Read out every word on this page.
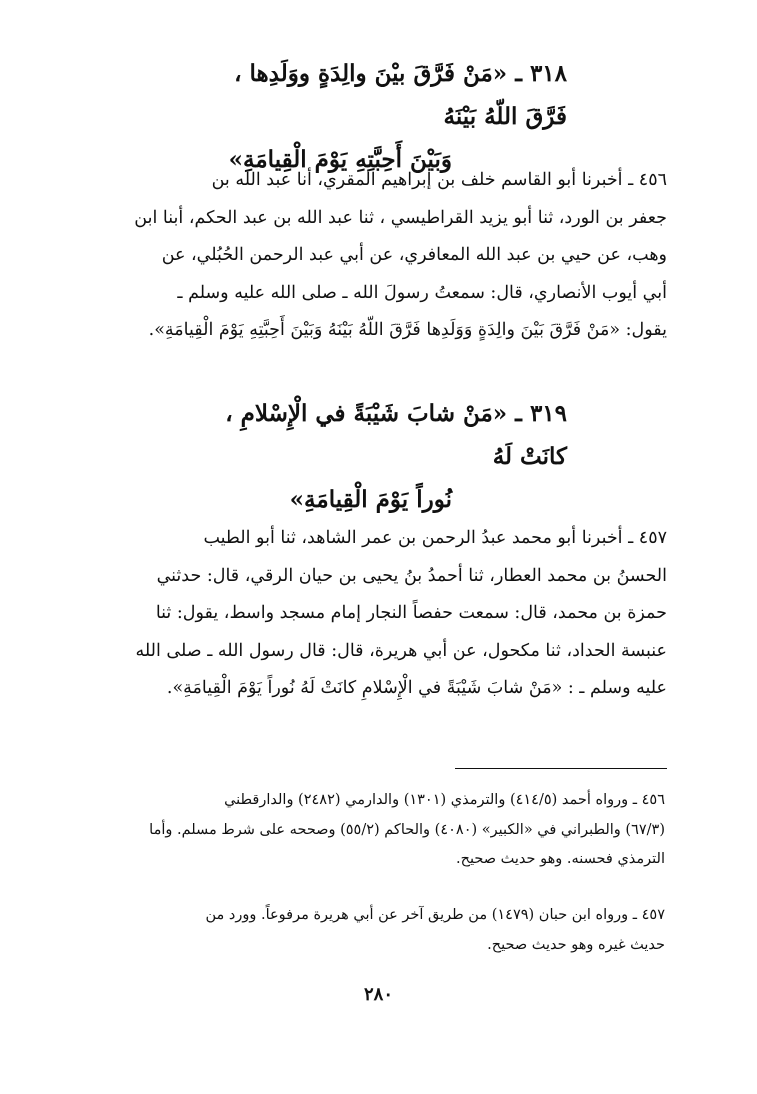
٣١٨ ـ «مَنْ فَرَّقَ بيْنَ والِدَةٍ ووَلَدِها ، فَرَّقَ اللّهُ بَيْنَهُ
وَبَيْنَ أَحِبَّتِهِ يَوْمَ الْقِيامَةِ»
٤٥٦ ـ أخبرنا أبو القاسم خلف بن إبراهيم المقري، أنا عبد الله بن
جعفر بن الورد، ثنا أبو يزيد القراطيسي ، ثنا عبد الله بن عبد الحكم، أبنا ابن
وهب، عن حيي بن عبد الله المعافري، عن أبي عبد الرحمن الحُبُلي، عن
أبي أيوب الأنصاري، قال: سمعتُ رسولَ الله ـ صلى الله عليه وسلم ـ
يقول: «مَنْ فَرَّقَ بَيْنَ والِدَةٍ وَوَلَدِها فَرَّقَ اللّهُ بَيْنَهُ وَبَيْنَ أَحِبَّتِهِ يَوْمَ الْقِيامَةِ».
٣١٩ ـ «مَنْ شابَ شَيْبَةً في الْإِسْلامِ ، كانَتْ لَهُ
نُوراً يَوْمَ الْقِيامَةِ»
٤٥٧ ـ أخبرنا أبو محمد عبدُ الرحمن بن عمر الشاهد، ثنا أبو الطيب
الحسنُ بن محمد العطار، ثنا أحمدُ بنُ يحيى بن حيان الرقي، قال: حدثني
حمزة بن محمد، قال: سمعت حفصاً النجار إمام مسجد واسط، يقول: ثنا
عنبسة الحداد، ثنا مكحول، عن أبي هريرة، قال: قال رسول الله ـ صلى الله
عليه وسلم ـ : «مَنْ شابَ شَيْبَةً في الْإِسْلامِ كانَتْ لَهُ نُوراً يَوْمَ الْقِيامَةِ».
٤٥٦ ـ ورواه أحمد (٤١٤/٥) والترمذي (١٣٠١) والدارمي (٢٤٨٢) والدارقطني
(٦٧/٣) والطبراني في «الكبير» (٤٠٨٠) والحاكم (٥٥/٢) وصححه على شرط مسلم. وأما
الترمذي فحسنه. وهو حديث صحيح.
٤٥٧ ـ ورواه ابن حبان (١٤٧٩) من طريق آخر عن أبي هريرة مرفوعاً. وورد من
حديث غيره وهو حديث صحيح.
٢٨٠
